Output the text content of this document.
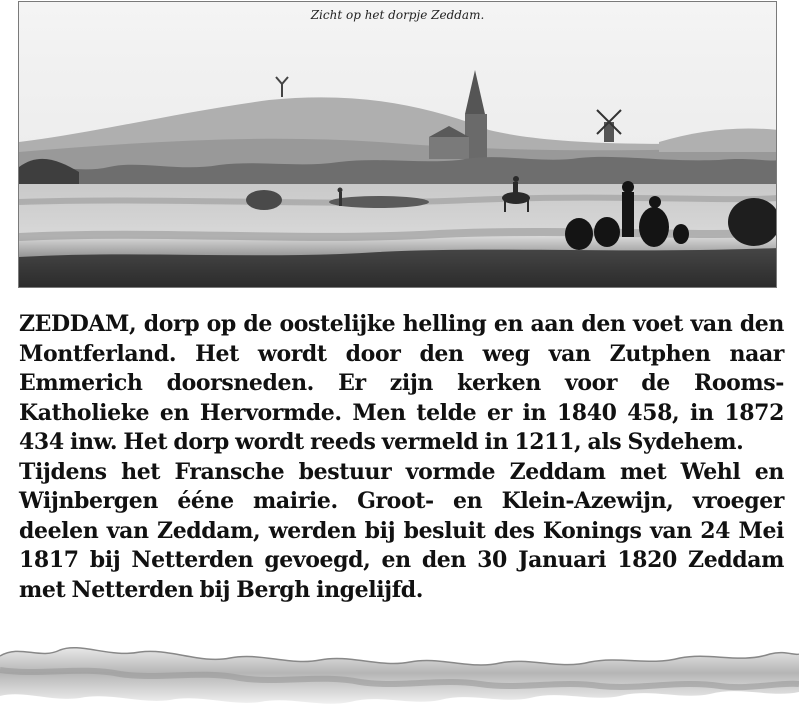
Zicht op het dorpje Zeddam.

ZEDDAM, dorp op de oostelijke helling en aan den voet van den Montferland. Het wordt door den weg van Zutphen naar Emmerich doorsneden. Er zijn kerken voor de Rooms-Katholieke en Hervormde. Men telde er in 1840 458, in 1872 434 inw. Het dorp wordt reeds vermeld in 1211, als Sydehem.

Tijdens het Fransche bestuur vormde Zeddam met Wehl en Wijnbergen ééne mairie. Groot- en Klein-Azewijn, vroeger deelen van Zeddam, werden bij besluit des Konings van 24 Mei 1817 bij Netterden gevoegd, en den 30 Januari 1820 Zeddam met Netterden bij Bergh ingelijfd.
